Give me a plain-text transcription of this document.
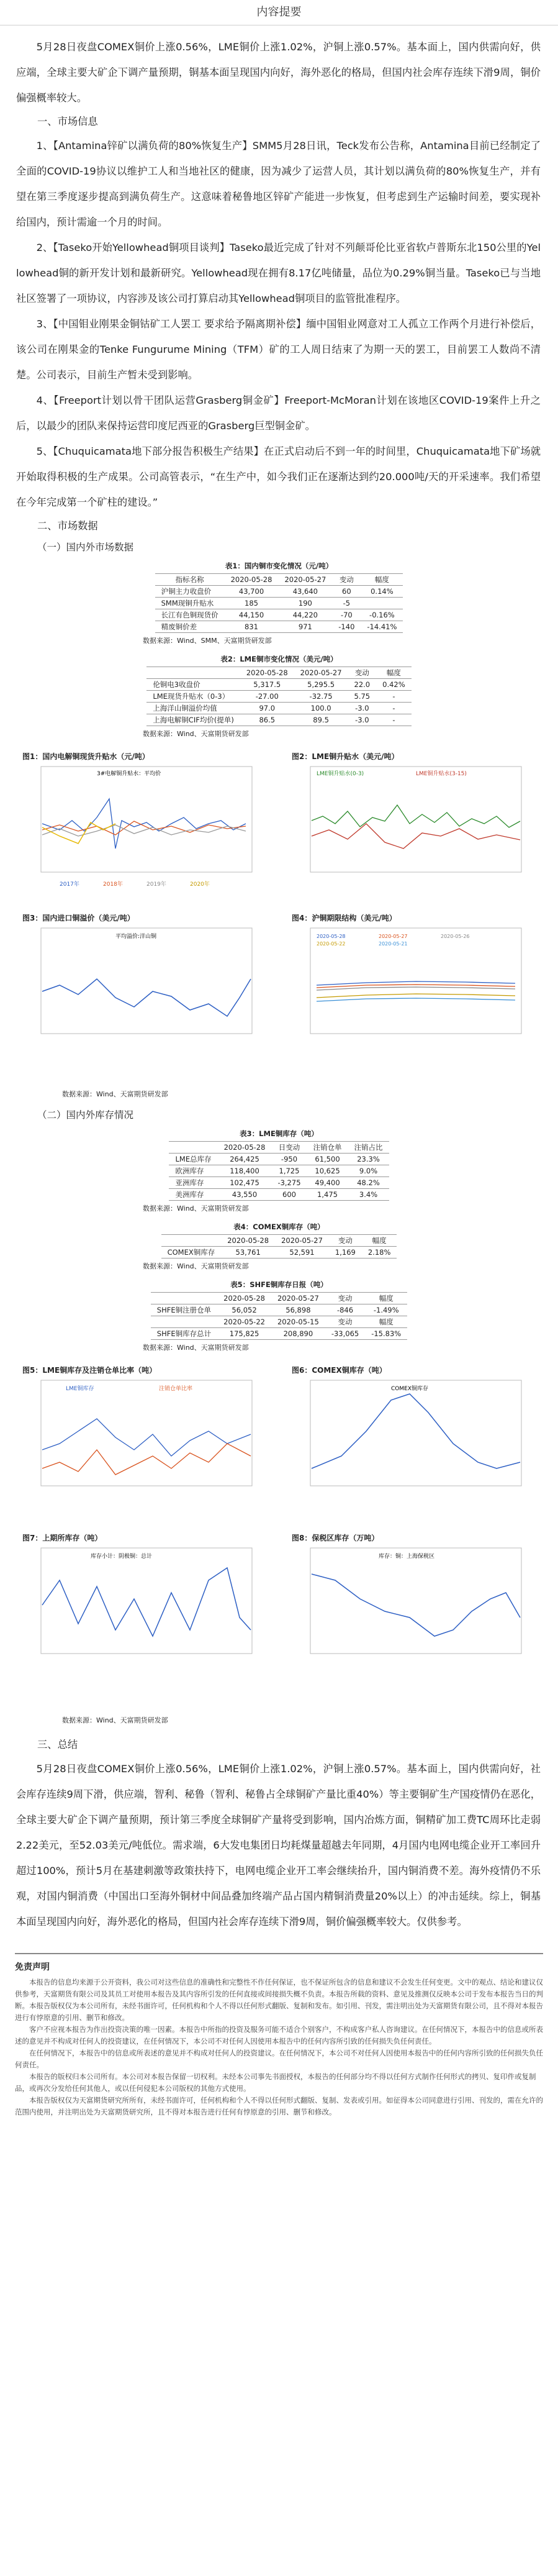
内容提要

5月28日夜盘COMEX铜价上涨0.56%，LME铜价上涨1.02%，沪铜上涨0.57%。基本面上，国内供需向好，供应端，全球主要大矿企下调产量预期，铜基本面呈现国内向好，海外恶化的格局，但国内社会库存连续下滑9周，铜价偏强概率较大。

一、市场信息

1、【Antamina锌矿以满负荷的80%恢复生产】SMM5月28日讯，Teck发布公告称，Antamina目前已经制定了全面的COVID-19协议以维护工人和当地社区的健康，因为减少了运营人员，其计划以满负荷的80%恢复生产，并有望在第三季度逐步提高到满负荷生产。这意味着秘鲁地区锌矿产能进一步恢复，但考虑到生产运输时间差，要实现补给国内，预计需逾一个月的时间。

2、【Taseko开始Yellowhead铜项目谈判】Taseko最近完成了针对不列颠哥伦比亚省软卢普斯东北150公里的Yellowhead铜的新开发计划和最新研究。Yellowhead现在拥有8.17亿吨储量，品位为0.29%铜当量。Taseko已与当地社区签署了一项协议，内容涉及该公司打算启动其Yellowhead铜项目的监管批准程序。

3、【中国钼业刚果金铜钴矿工人罢工 要求给予隔离期补偿】缅中国钼业网意对工人孤立工作两个月进行补偿后，该公司在刚果金的Tenke Fungurume Mining（TFM）矿的工人周日结束了为期一天的罢工，目前罢工人数尚不清楚。公司表示，目前生产暂未受到影响。

4、【Freeport计划以骨干团队运营Grasberg铜金矿】Freeport-McMoran计划在该地区COVID-19案件上升之后，以最少的团队来保持运营印度尼西亚的Grasberg巨型铜金矿。

5、【Chuquicamata地下部分报告积极生产结果】在正式启动后不到一年的时间里，Chuquicamata地下矿场就开始取得积极的生产成果。公司高管表示，“在生产中，如今我们正在逐渐达到约20.000吨/天的开采速率。我们希望在今年完成第一个矿柱的建设。”

二、市场数据
（一）国内外市场数据
表1：国内铜市变化情况（元/吨）
指标名称	2020-05-28	2020-05-27	变动	幅度
沪铜主力收盘价	43,700	43,640	60	0.14%
SMM现铜升贴水	185	190	-5	
长江有色铜现货价	44,150	44,220	-70	-0.16%
精废铜价差	831	971	-140	-14.41%
数据来源：Wind、SMM、天富期货研发部
表2：LME铜市变化情况（美元/吨）
	2020-05-28	2020-05-27	变动	幅度
伦铜电3收盘价	5,317.5	5,295.5	22.0	0.42%
LME现货升贴水（0-3）	-27.00	-32.75	5.75	-
上海洋山铜溢价均值	97.0	100.0	-3.0	-
上海电解铜CIF均价(提单)	86.5	89.5	-3.0	-
数据来源：Wind、天富期货研发部
图1：国内电解铜现货升贴水（元/吨）
3#电解铜升贴水：平均价
2017年	2018年	2019年	2020年
图2：LME铜升贴水（美元/吨）
LME铜升贴水(0-3)	LME铜升贴水(3-15)
图3：国内进口铜溢价（美元/吨）
平均溢价:洋山铜
图4：沪铜期限结构（美元/吨）
2020-05-28	2020-05-27	2020-05-26
2020-05-22	2020-05-21
数据来源：Wind、天富期货研发部
（二）国内外库存情况
表3：LME铜库存（吨）
	2020-05-28	日变动	注销仓单	注销占比
LME总库存	264,425	-950	61,500	23.3%
欧洲库存	118,400	1,725	10,625	9.0%
亚洲库存	102,475	-3,275	49,400	48.2%
美洲库存	43,550	600	1,475	3.4%
数据来源：Wind、天富期货研发部
表4：COMEX铜库存（吨）
	2020-05-28	2020-05-27	变动	幅度
COMEX铜库存	53,761	52,591	1,169	2.18%
数据来源：Wind、天富期货研发部
表5：SHFE铜库存日报（吨）
	2020-05-28	2020-05-27	变动	幅度
SHFE铜注册仓单	56,052	56,898	-846	-1.49%
	2020-05-22	2020-05-15	变动	幅度
SHFE铜库存总计	175,825	208,890	-33,065	-15.83%
数据来源：Wind、天富期货研发部
图5：LME铜库存及注销仓单比率（吨）
LME铜库存	注销仓单比率
图6：COMEX铜库存（吨）
COMEX铜库存
图7：上期所库存（吨）
库存小计：阴极铜：总计
图8：保税区库存（万吨）
库存：铜：上海保税区
数据来源：Wind、天富期货研发部
三、总结

5月28日夜盘COMEX铜价上涨0.56%，LME铜价上涨1.02%，沪铜上涨0.57%。基本面上，国内供需向好，社会库存连续9周下滑，供应端，智利、秘鲁（智利、秘鲁占全球铜矿产量比重40%）等主要铜矿生产国疫情仍在恶化，全球主要大矿企下调产量预期，预计第三季度全球铜矿产量将受到影响，国内冶炼方面，铜精矿加工费TC周环比走弱2.22美元，至52.03美元/吨低位。需求端，6大发电集团日均耗煤量超越去年同期，4月国内电网电缆企业开工率回升超过100%，预计5月在基建刺激等政策扶持下，电网电缆企业开工率会继续抬升，国内铜消费不差。海外疫情仍不乐观，对国内铜消费（中国出口至海外铜材中间品叠加终端产品占国内精铜消费量20%以上）的冲击延续。综上，铜基本面呈现国内向好，海外恶化的格局，但国内社会库存连续下滑9周，铜价偏强概率较大。仅供参考。

免责声明

本报告的信息均来源于公开资料，我公司对这些信息的准确性和完整性不作任何保证，也不保证所包含的信息和建议不会发生任何变更。文中的观点、结论和建议仅供参考，天富期货有限公司及其员工对使用本报告及其内容所引发的任何直接或间接损失概不负责。本报告所载的资料、意见及推测仅反映本公司于发布本报告当日的判断。本报告版权仅为本公司所有，未经书面许可，任何机构和个人不得以任何形式翻版、复制和发布。如引用、刊发，需注明出处为天富期货有限公司，且不得对本报告进行有悖原意的引用、删节和修改。

客户不应视本报告为作出投资决策的唯一因素。本报告中所指的投资及服务可能不适合个别客户，不构成客户私人咨询建议。在任何情况下，本报告中的信息或所表述的意见并不构成对任何人的投资建议，在任何情况下，本公司不对任何人因使用本报告中的任何内容所引致的任何损失负任何责任。

在任何情况下，本报告中的信息或所表述的意见并不构成对任何人的投资建议。在任何情况下，本公司不对任何人因使用本报告中的任何内容所引致的任何损失负任何责任。

本报告的版权归本公司所有。本公司对本报告保留一切权利。未经本公司事先书面授权，本报告的任何部分均不得以任何方式制作任何形式的拷贝、复印件或复制品，或再次分发给任何其他人，或以任何侵犯本公司版权的其他方式使用。

本报告版权仅为天富期货研究所所有，未经书面许可，任何机构和个人不得以任何形式翻版、复制、发表或引用。如征得本公司同意进行引用、刊发的，需在允许的范围内使用，并注明出处为天富期货研究所，且不得对本报告进行任何有悖原意的引用、删节和修改。
